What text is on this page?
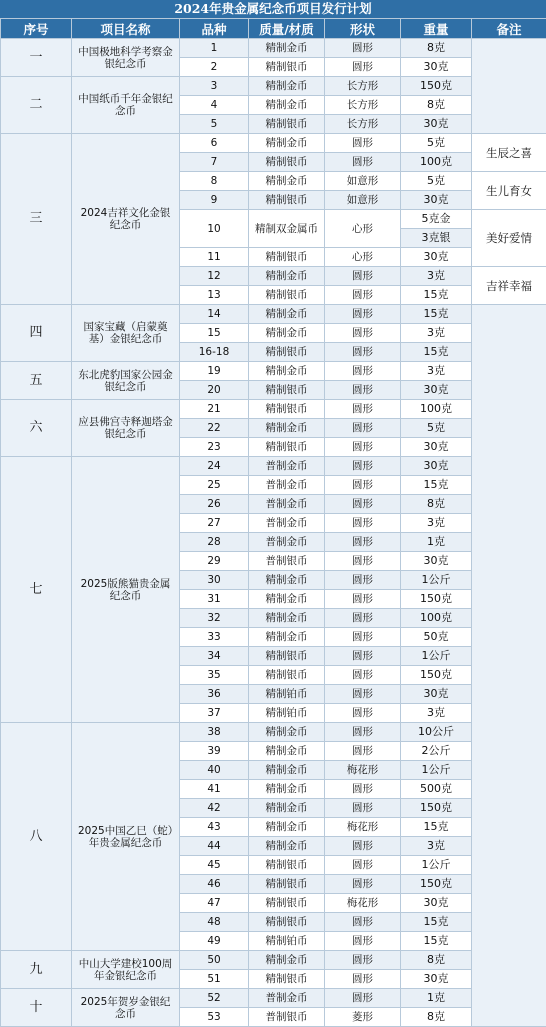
2024年贵金属纪念币项目发行计划
序号	项目名称	品种	质量/材质	形状	重量	备注
一	中国极地科学考察金银纪念币	1	精制金币	圆形	8克	
		2	精制银币	圆形	30克	
二	中国纸币千年金银纪念币	3	精制金币	长方形	150克	
		4	精制金币	长方形	8克	
		5	精制银币	长方形	30克	
三	2024吉祥文化金银纪念币	6	精制金币	圆形	5克	生辰之喜
		7	精制银币	圆形	100克	
		8	精制金币	如意形	5克	生儿育女
		9	精制银币	如意形	30克	
		10	精制双金属币	心形	5克金	美好爱情
					3克银	
		11	精制银币	心形	30克	
		12	精制金币	圆形	3克	吉祥幸福
		13	精制银币	圆形	15克	
四	国家宝藏（启蒙奠基）金银纪念币	14	精制金币	圆形	15克	
		15	精制金币	圆形	3克	
		16-18	精制银币	圆形	15克	
五	东北虎豹国家公园金银纪念币	19	精制金币	圆形	3克	
		20	精制银币	圆形	30克	
六	应县佛宫寺释迦塔金银纪念币	21	精制银币	圆形	100克	
		22	精制金币	圆形	5克	
		23	精制银币	圆形	30克	
七	2025版熊猫贵金属纪念币	24	普制金币	圆形	30克	
		25	普制金币	圆形	15克	
		26	普制金币	圆形	8克	
		27	普制金币	圆形	3克	
		28	普制金币	圆形	1克	
		29	普制银币	圆形	30克	
		30	精制金币	圆形	1公斤	
		31	精制金币	圆形	150克	
		32	精制金币	圆形	100克	
		33	精制金币	圆形	50克	
		34	精制银币	圆形	1公斤	
		35	精制银币	圆形	150克	
		36	精制铂币	圆形	30克	
		37	精制铂币	圆形	3克	
八	2025中国乙巳（蛇）年贵金属纪念币	38	精制金币	圆形	10公斤	
		39	精制金币	圆形	2公斤	
		40	精制金币	梅花形	1公斤	
		41	精制金币	圆形	500克	
		42	精制金币	圆形	150克	
		43	精制金币	梅花形	15克	
		44	精制金币	圆形	3克	
		45	精制银币	圆形	1公斤	
		46	精制银币	圆形	150克	
		47	精制银币	梅花形	30克	
		48	精制银币	圆形	15克	
		49	精制铂币	圆形	15克	
九	中山大学建校100周年金银纪念币	50	精制金币	圆形	8克	
		51	精制银币	圆形	30克	
十	2025年贺岁金银纪念币	52	普制金币	圆形	1克	
		53	普制银币	菱形	8克	
